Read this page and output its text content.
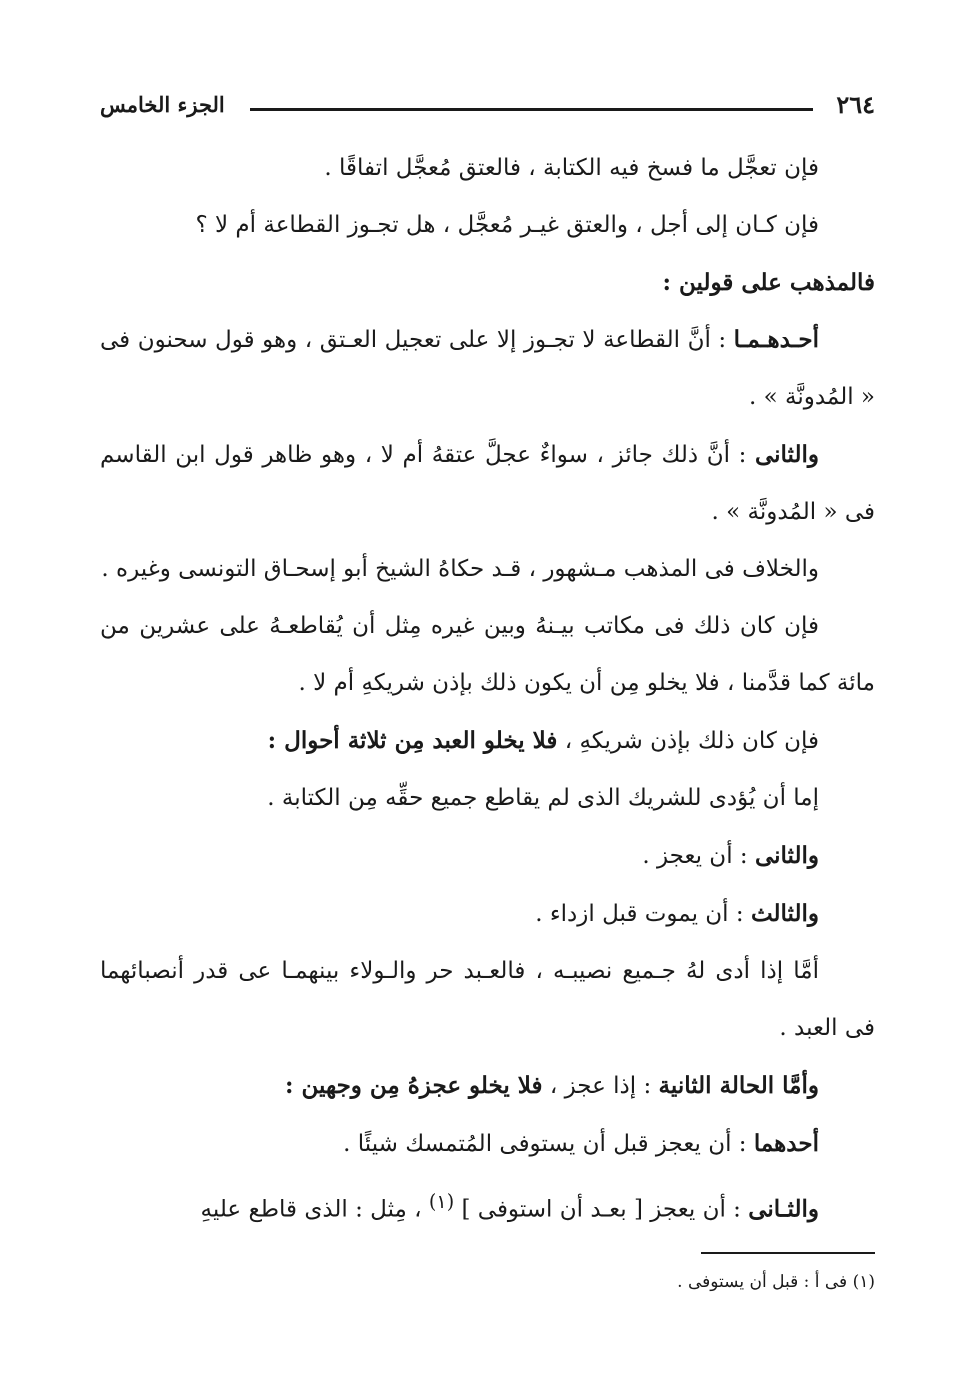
٢٦٤
الجزء الخامس

فإن تعجَّل ما فسخ فيه الكتابة ، فالعتق مُعجَّل اتفاقًا .

فإن كـان إلى أجل ، والعتق غيـر مُعجَّل ، هل تجـوز القطاعة أم لا ؟

فالمذهب على قولين :

أحـدهـمـا : أنَّ القطاعة لا تجـوز إلا على تعجيل العـتق ، وهو قول سحنون فى « المُدونَّة » .

والثانى : أنَّ ذلك جائز ، سواءٌ عجلَّ عتقهُ أم لا ، وهو ظاهر قول ابن القاسم فى « المُدونَّة » .

والخلاف فى المذهب مـشهور ، قـد حكاهُ الشيخ أبو إسحـاق التونسى وغيره .

فإن كان ذلك فى مكاتب بيـنهُ وبين غيره مِثل أن يُقاطعـهُ على عشرين من مائة كما قدَّمنا ، فلا يخلو مِن أن يكون ذلك بإذن شريكهِ أم لا .

فإن كان ذلك بإذن شريكهِ ، فلا يخلو العبد مِن ثلاثة أحوال :

إما أن يُؤدى للشريك الذى لم يقاطع جميع حقِّه مِن الكتابة .

والثانى : أن يعجز .

والثالث : أن يموت قبل ازداء .

أمَّا إذا أدى لهُ جـميع نصيبـه ، فالعـبد حر والـولاء بينهمـا عى قدر أنصبائهما فى العبد .

وأمَّا الحالة الثانية : إذا عجز ، فلا يخلو عجزهُ مِن وجهين :

أحدهما : أن يعجز قبل أن يستوفى المُتمسك شيئًا .

والثـانى : أن يعجز [ بعـد أن استوفى ] $^{(١)}$ ، مِثل : الذى قاطع عليهِ

(١) فى أ : قبل أن يستوفى .
